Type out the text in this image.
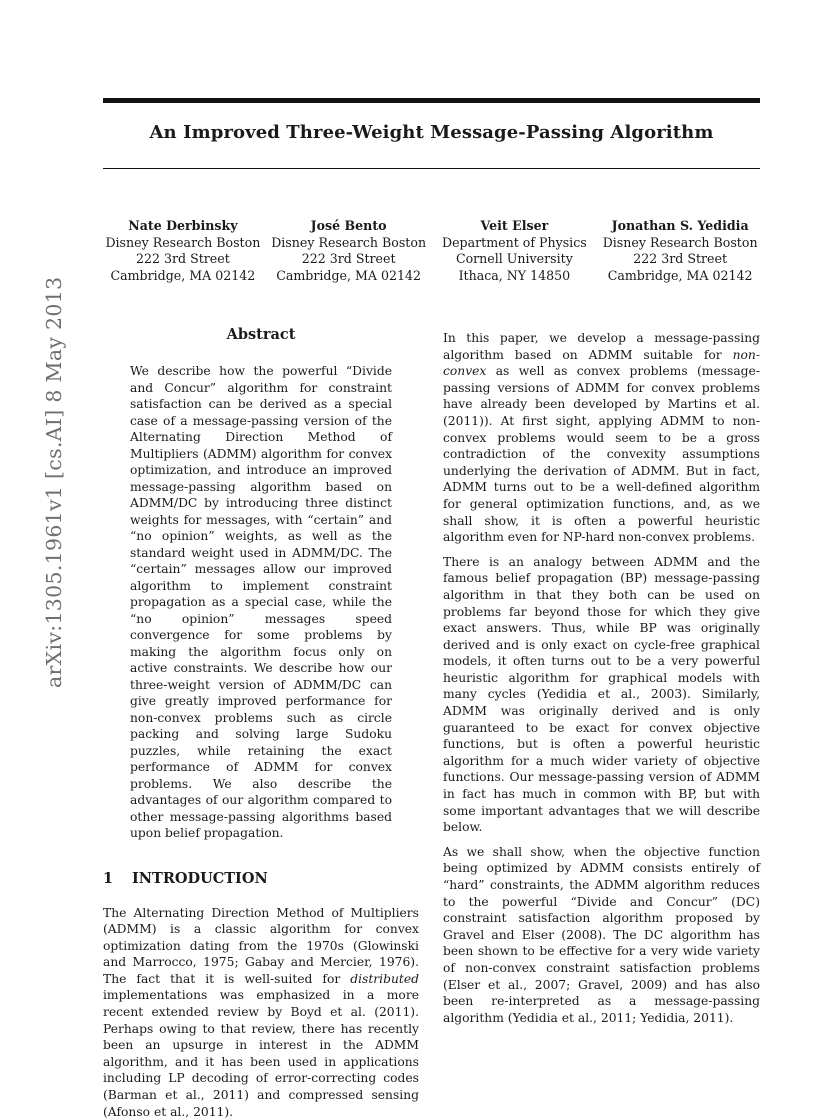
arXiv:1305.1961v1 [cs.AI] 8 May 2013
An Improved Three-Weight Message-Passing Algorithm
Nate Derbinsky
Disney Research Boston
222 3rd Street
Cambridge, MA 02142
José Bento
Disney Research Boston
222 3rd Street
Cambridge, MA 02142
Veit Elser
Department of Physics
Cornell University
Ithaca, NY 14850
Jonathan S. Yedidia
Disney Research Boston
222 3rd Street
Cambridge, MA 02142
Abstract
We describe how the powerful “Divide and Concur” algorithm for constraint satisfaction can be derived as a special case of a message-passing version of the Alternating Direction Method of Multipliers (ADMM) algorithm for convex optimization, and introduce an improved message-passing algorithm based on ADMM/DC by introducing three distinct weights for messages, with “certain” and “no opinion” weights, as well as the standard weight used in ADMM/DC. The “certain” messages allow our improved algorithm to implement constraint propagation as a special case, while the “no opinion” messages speed convergence for some problems by making the algorithm focus only on active constraints. We describe how our three-weight version of ADMM/DC can give greatly improved performance for non-convex problems such as circle packing and solving large Sudoku puzzles, while retaining the exact performance of ADMM for convex problems. We also describe the advantages of our algorithm compared to other message-passing algorithms based upon belief propagation.
1	INTRODUCTION
The Alternating Direction Method of Multipliers (ADMM) is a classic algorithm for convex optimization dating from the 1970s (Glowinski and Marrocco, 1975; Gabay and Mercier, 1976). The fact that it is well-suited for distributed implementations was emphasized in a more recent extended review by Boyd et al. (2011). Perhaps owing to that review, there has recently been an upsurge in interest in the ADMM algorithm, and it has been used in applications including LP decoding of error-correcting codes (Barman et al., 2011) and compressed sensing (Afonso et al., 2011).
In this paper, we develop a message-passing algorithm based on ADMM suitable for non-convex as well as convex problems (message-passing versions of ADMM for convex problems have already been developed by Martins et al. (2011)). At first sight, applying ADMM to non-convex problems would seem to be a gross contradiction of the convexity assumptions underlying the derivation of ADMM. But in fact, ADMM turns out to be a well-defined algorithm for general optimization functions, and, as we shall show, it is often a powerful heuristic algorithm even for NP-hard non-convex problems.
There is an analogy between ADMM and the famous belief propagation (BP) message-passing algorithm in that they both can be used on problems far beyond those for which they give exact answers. Thus, while BP was originally derived and is only exact on cycle-free graphical models, it often turns out to be a very powerful heuristic algorithm for graphical models with many cycles (Yedidia et al., 2003). Similarly, ADMM was originally derived and is only guaranteed to be exact for convex objective functions, but is often a powerful heuristic algorithm for a much wider variety of objective functions. Our message-passing version of ADMM in fact has much in common with BP, but with some important advantages that we will describe below.
As we shall show, when the objective function being optimized by ADMM consists entirely of “hard” constraints, the ADMM algorithm reduces to the powerful “Divide and Concur” (DC) constraint satisfaction algorithm proposed by Gravel and Elser (2008). The DC algorithm has been shown to be effective for a very wide variety of non-convex constraint satisfaction problems (Elser et al., 2007; Gravel, 2009) and has also been re-interpreted as a message-passing algorithm (Yedidia et al., 2011; Yedidia, 2011).
